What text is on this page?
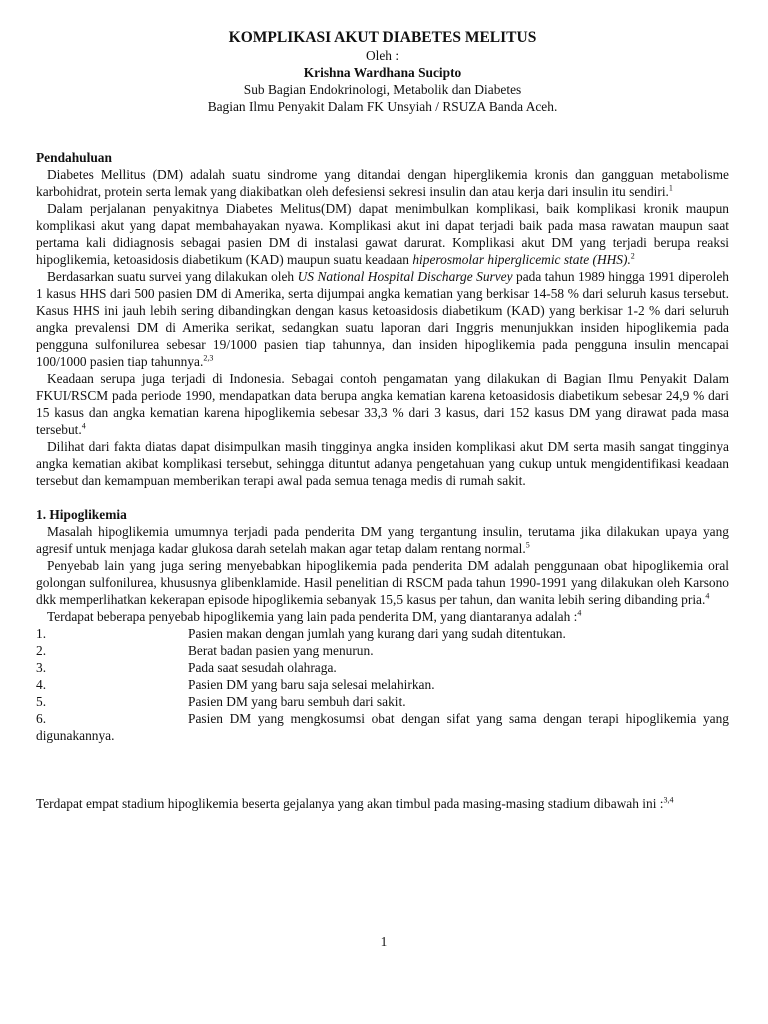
KOMPLIKASI AKUT DIABETES MELITUS
Oleh :
Krishna Wardhana Sucipto
Sub Bagian Endokrinologi, Metabolik dan Diabetes
Bagian Ilmu Penyakit Dalam FK Unsyiah / RSUZA Banda Aceh.
Pendahuluan

Diabetes Mellitus (DM) adalah suatu sindrome yang ditandai dengan hiperglikemia kronis dan gangguan metabolisme karbohidrat, protein serta lemak yang diakibatkan oleh defesiensi sekresi insulin dan atau kerja dari insulin itu sendiri.$^1$

Dalam perjalanan penyakitnya Diabetes Melitus(DM) dapat menimbulkan komplikasi, baik komplikasi kronik maupun komplikasi akut yang dapat membahayakan nyawa. Komplikasi akut ini dapat terjadi baik pada masa rawatan maupun saat pertama kali didiagnosis sebagai pasien DM di instalasi gawat darurat. Komplikasi akut DM yang terjadi berupa reaksi hipoglikemia, ketoasidosis diabetikum (KAD) maupun suatu keadaan hiperosmolar hiperglicemic state (HHS).$^2$

Berdasarkan suatu survei yang dilakukan oleh US National Hospital Discharge Survey pada tahun 1989 hingga 1991 diperoleh 1 kasus HHS dari 500 pasien DM di Amerika, serta dijumpai angka kematian yang berkisar 14-58 % dari seluruh kasus tersebut. Kasus HHS ini jauh lebih sering dibandingkan dengan kasus ketoasidosis diabetikum (KAD) yang berkisar 1-2 % dari seluruh angka prevalensi DM di Amerika serikat, sedangkan suatu laporan dari Inggris menunjukkan insiden hipoglikemia pada pengguna sulfonilurea sebesar 19/1000 pasien tiap tahunnya, dan insiden hipoglikemia pada pengguna insulin mencapai 100/1000 pasien tiap tahunnya.$^{2,3}$

Keadaan serupa juga terjadi di Indonesia. Sebagai contoh pengamatan yang dilakukan di Bagian Ilmu Penyakit Dalam FKUI/RSCM pada periode 1990, mendapatkan data berupa angka kematian karena ketoasidosis diabetikum sebesar 24,9 % dari 15 kasus dan angka kematian karena hipoglikemia sebesar 33,3 % dari 3 kasus, dari 152 kasus DM yang dirawat pada masa tersebut.$^4$

Dilihat dari fakta diatas dapat disimpulkan masih tingginya angka insiden komplikasi akut DM serta masih sangat tingginya angka kematian akibat komplikasi tersebut, sehingga dituntut adanya pengetahuan yang cukup untuk mengidentifikasi keadaan tersebut dan kemampuan memberikan terapi awal pada semua tenaga medis di rumah sakit.

1. Hipoglikemia

Masalah hipoglikemia umumnya terjadi pada penderita DM yang tergantung insulin, terutama jika dilakukan upaya yang agresif untuk menjaga kadar glukosa darah setelah makan agar tetap dalam rentang normal.$^5$

Penyebab lain yang juga sering menyebabkan hipoglikemia pada penderita DM adalah penggunaan obat hipoglikemia oral golongan sulfonilurea, khususnya glibenklamide. Hasil penelitian di RSCM pada tahun 1990-1991 yang dilakukan oleh Karsono dkk memperlihatkan kekerapan episode hipoglikemia sebanyak 15,5 kasus per tahun, dan wanita lebih sering dibanding pria.$^4$

Terdapat beberapa penyebab hipoglikemia yang lain pada penderita DM, yang diantaranya adalah :$^4$

1.	Pasien makan dengan jumlah yang kurang dari yang sudah ditentukan.
2.	Berat badan pasien yang menurun.
3.	Pada saat sesudah olahraga.
4.	Pasien DM yang baru saja selesai melahirkan.
5.	Pasien DM yang baru sembuh dari sakit.
6.	Pasien DM yang mengkosumsi obat dengan sifat yang sama dengan terapi hipoglikemia yang digunakannya.

Terdapat empat stadium hipoglikemia beserta gejalanya yang akan timbul pada masing-masing stadium dibawah ini :$^{3,4}$

1
